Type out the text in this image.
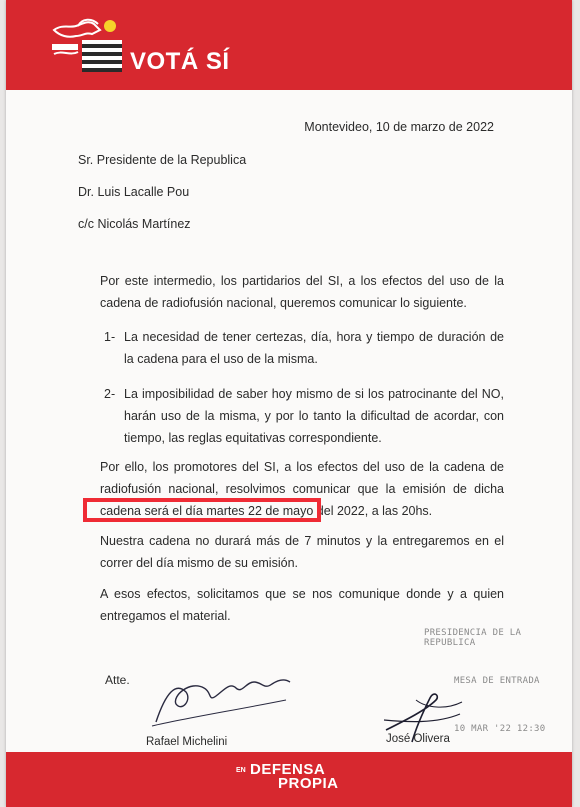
VOTÁ SÍ
Montevideo, 10 de marzo de 2022
Sr. Presidente de la Republica
Dr. Luis Lacalle Pou
c/c Nicolás Martínez
Por este intermedio, los partidarios del SI, a los efectos del uso de la cadena de radiofusión nacional, queremos comunicar lo siguiente.
1- La necesidad de tener certezas, día, hora y tiempo de duración de la cadena para el uso de la misma.
2- La imposibilidad de saber hoy mismo de si los patrocinante del NO, harán uso de la misma, y por lo tanto la dificultad de acordar, con tiempo, las reglas equitativas correspondiente.
Por ello, los promotores del SI, a los efectos del uso de la cadena de radiofusión nacional, resolvimos comunicar que la emisión de dicha cadena será el día martes 22 de mayo del 2022, a las 20hs.
Nuestra cadena no durará más de 7 minutos y la entregaremos en el correr del día mismo de su emisión.
A esos efectos, solicitamos que se nos comunique donde y a quien entregamos el material.
PRESIDENCIA DE LA REPUBLICA
MESA DE ENTRADA
10 MAR '22 12:30
Atte.
Rafael Michelini	José Olivera
EN DEFENSA
PROPIA
